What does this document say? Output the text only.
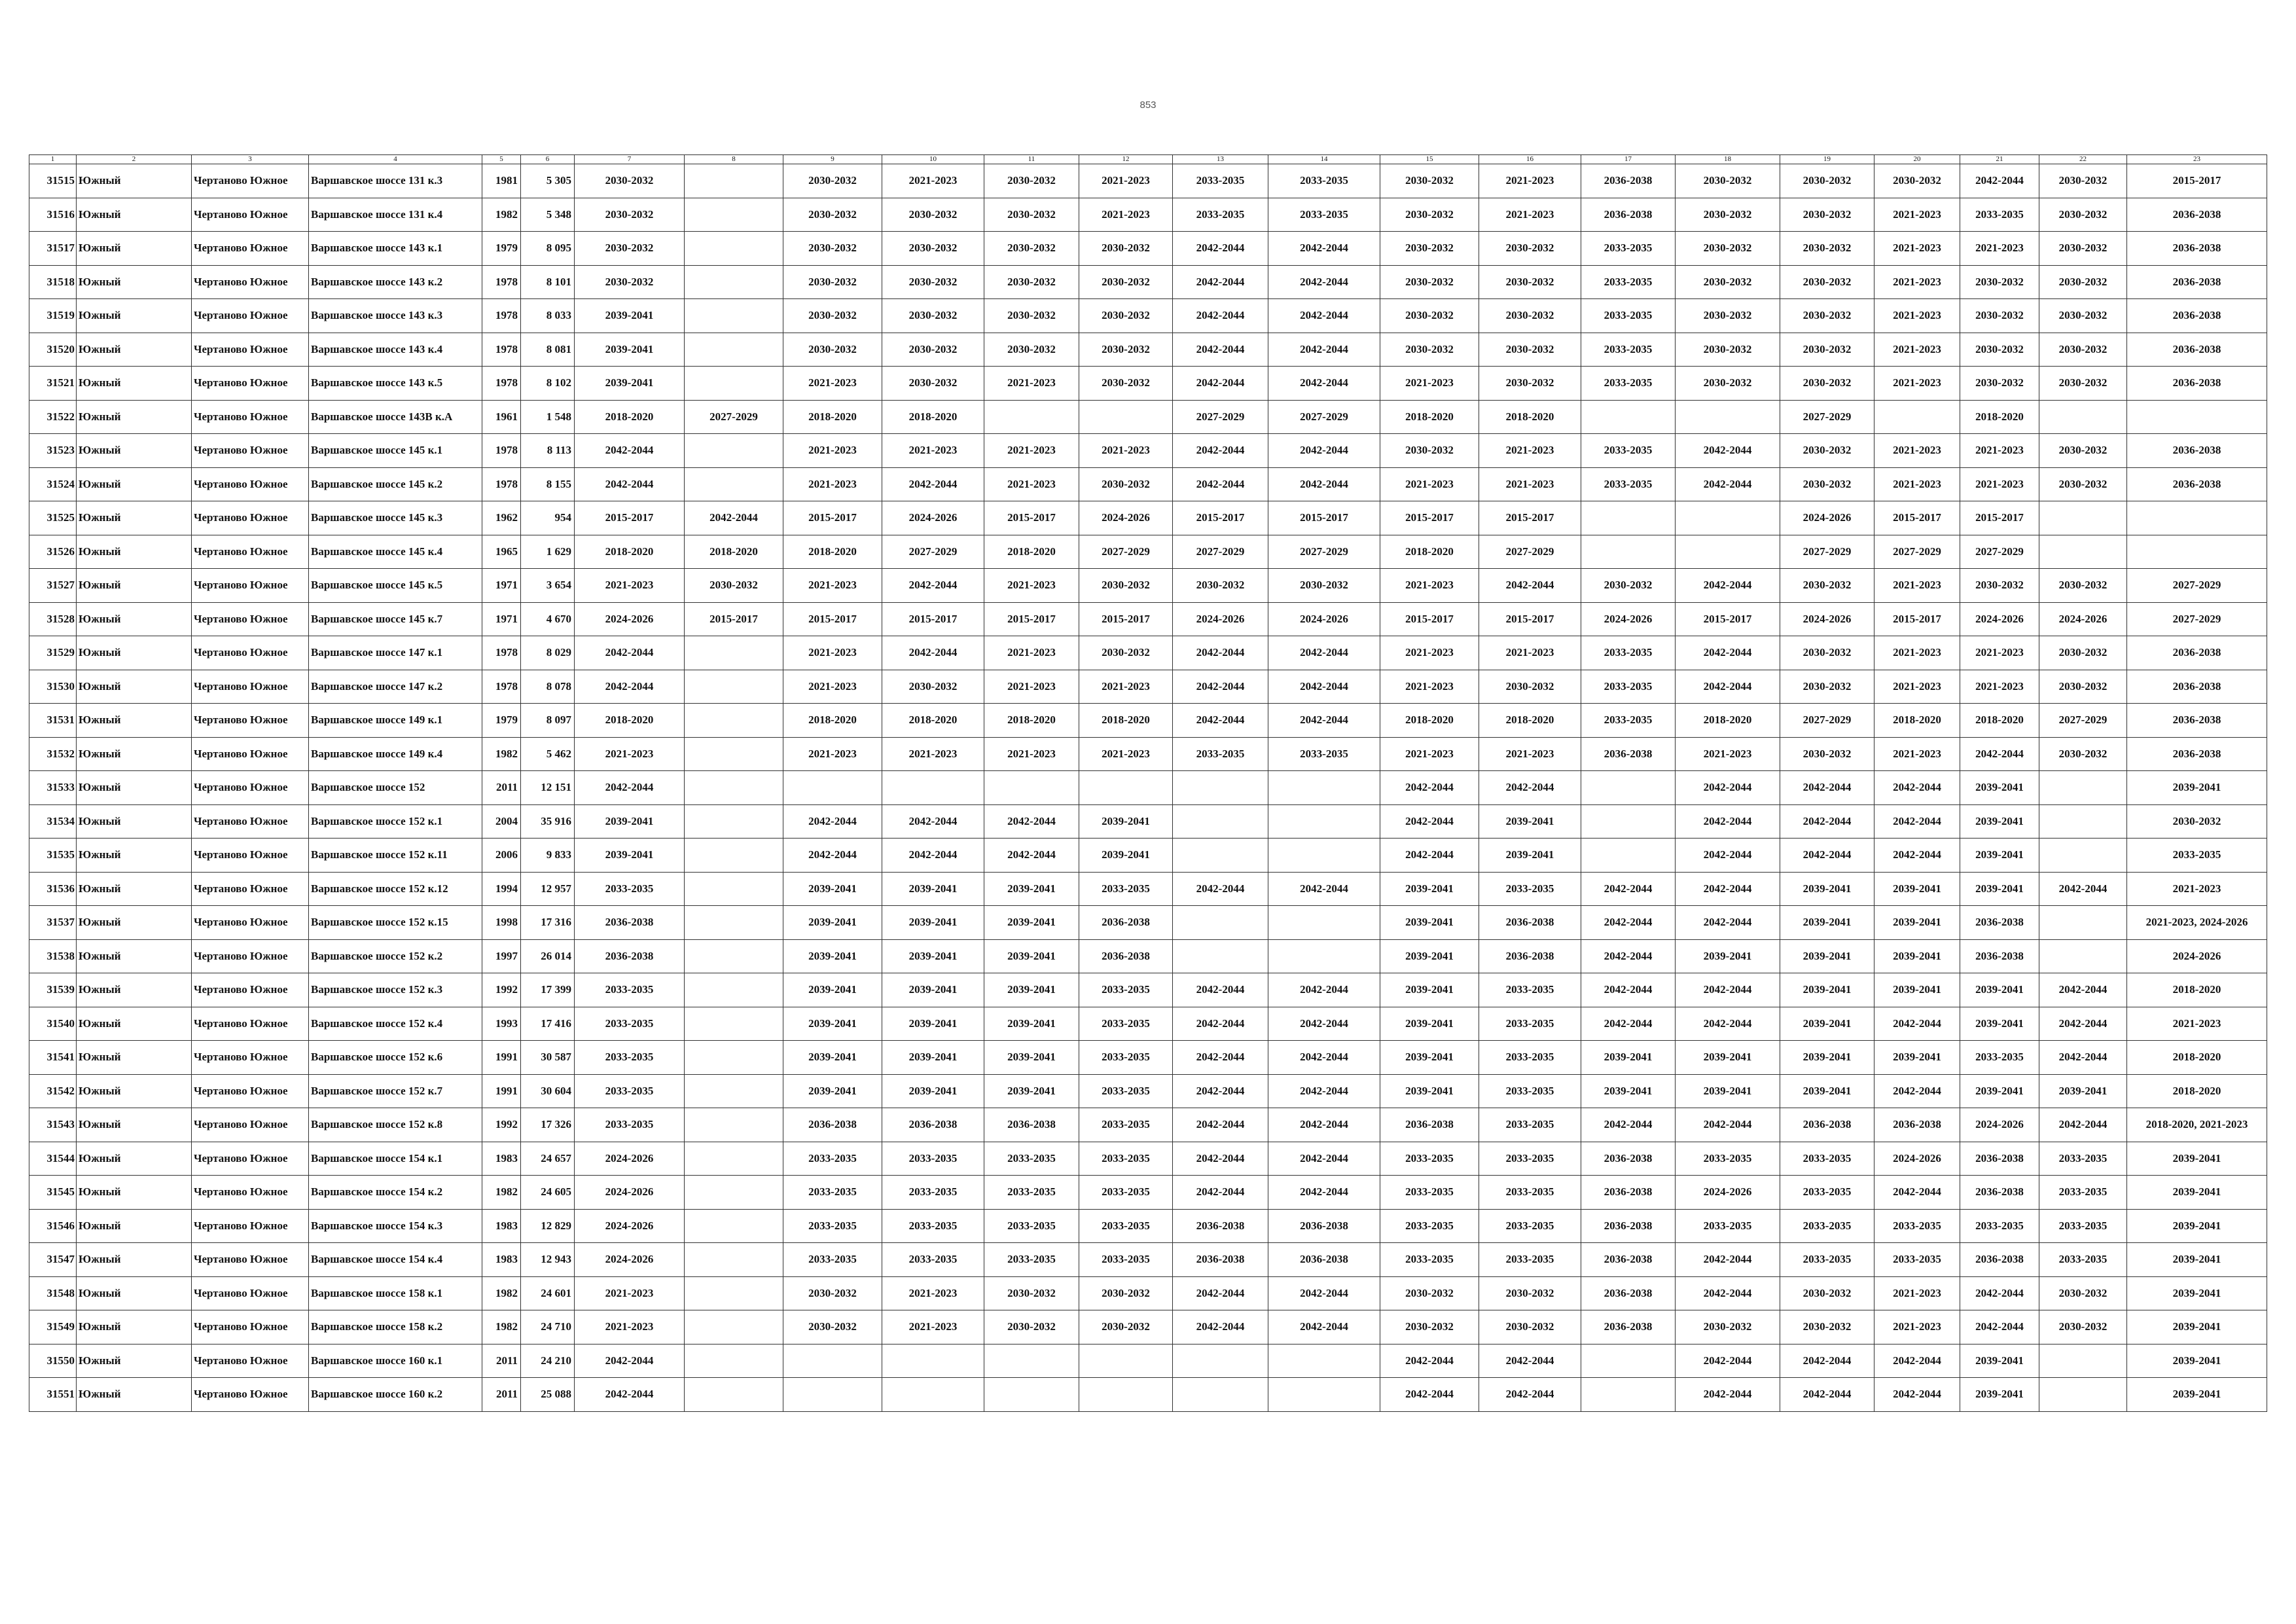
853
1	2	3	4	5	6	7	8	9	10	11	12	13	14	15	16	17	18	19	20	21	22	23
31515	Южный	Чертаново Южное	Варшавское шоссе 131 к.3	1981	5 305	2030-2032		2030-2032	2021-2023	2030-2032	2021-2023	2033-2035	2033-2035	2030-2032	2021-2023	2036-2038	2030-2032	2030-2032	2030-2032	2042-2044	2030-2032	2015-2017
31516	Южный	Чертаново Южное	Варшавское шоссе 131 к.4	1982	5 348	2030-2032		2030-2032	2030-2032	2030-2032	2021-2023	2033-2035	2033-2035	2030-2032	2021-2023	2036-2038	2030-2032	2030-2032	2021-2023	2033-2035	2030-2032	2036-2038
31517	Южный	Чертаново Южное	Варшавское шоссе 143 к.1	1979	8 095	2030-2032		2030-2032	2030-2032	2030-2032	2030-2032	2042-2044	2042-2044	2030-2032	2030-2032	2033-2035	2030-2032	2030-2032	2021-2023	2021-2023	2030-2032	2036-2038
31518	Южный	Чертаново Южное	Варшавское шоссе 143 к.2	1978	8 101	2030-2032		2030-2032	2030-2032	2030-2032	2030-2032	2042-2044	2042-2044	2030-2032	2030-2032	2033-2035	2030-2032	2030-2032	2021-2023	2030-2032	2030-2032	2036-2038
31519	Южный	Чертаново Южное	Варшавское шоссе 143 к.3	1978	8 033	2039-2041		2030-2032	2030-2032	2030-2032	2030-2032	2042-2044	2042-2044	2030-2032	2030-2032	2033-2035	2030-2032	2030-2032	2021-2023	2030-2032	2030-2032	2036-2038
31520	Южный	Чертаново Южное	Варшавское шоссе 143 к.4	1978	8 081	2039-2041		2030-2032	2030-2032	2030-2032	2030-2032	2042-2044	2042-2044	2030-2032	2030-2032	2033-2035	2030-2032	2030-2032	2021-2023	2030-2032	2030-2032	2036-2038
31521	Южный	Чертаново Южное	Варшавское шоссе 143 к.5	1978	8 102	2039-2041		2021-2023	2030-2032	2021-2023	2030-2032	2042-2044	2042-2044	2021-2023	2030-2032	2033-2035	2030-2032	2030-2032	2021-2023	2030-2032	2030-2032	2036-2038
31522	Южный	Чертаново Южное	Варшавское шоссе 143В к.А	1961	1 548	2018-2020	2027-2029	2018-2020	2018-2020			2027-2029	2027-2029	2018-2020	2018-2020			2027-2029		2018-2020		
31523	Южный	Чертаново Южное	Варшавское шоссе 145 к.1	1978	8 113	2042-2044		2021-2023	2021-2023	2021-2023	2021-2023	2042-2044	2042-2044	2030-2032	2021-2023	2033-2035	2042-2044	2030-2032	2021-2023	2021-2023	2030-2032	2036-2038
31524	Южный	Чертаново Южное	Варшавское шоссе 145 к.2	1978	8 155	2042-2044		2021-2023	2042-2044	2021-2023	2030-2032	2042-2044	2042-2044	2021-2023	2021-2023	2033-2035	2042-2044	2030-2032	2021-2023	2021-2023	2030-2032	2036-2038
31525	Южный	Чертаново Южное	Варшавское шоссе 145 к.3	1962	954	2015-2017	2042-2044	2015-2017	2024-2026	2015-2017	2024-2026	2015-2017	2015-2017	2015-2017	2015-2017			2024-2026	2015-2017	2015-2017		
31526	Южный	Чертаново Южное	Варшавское шоссе 145 к.4	1965	1 629	2018-2020	2018-2020	2018-2020	2027-2029	2018-2020	2027-2029	2027-2029	2027-2029	2018-2020	2027-2029			2027-2029	2027-2029	2027-2029		
31527	Южный	Чертаново Южное	Варшавское шоссе 145 к.5	1971	3 654	2021-2023	2030-2032	2021-2023	2042-2044	2021-2023	2030-2032	2030-2032	2030-2032	2021-2023	2042-2044	2030-2032	2042-2044	2030-2032	2021-2023	2030-2032	2030-2032	2027-2029
31528	Южный	Чертаново Южное	Варшавское шоссе 145 к.7	1971	4 670	2024-2026	2015-2017	2015-2017	2015-2017	2015-2017	2015-2017	2024-2026	2024-2026	2015-2017	2015-2017	2024-2026	2015-2017	2024-2026	2015-2017	2024-2026	2024-2026	2027-2029
31529	Южный	Чертаново Южное	Варшавское шоссе 147 к.1	1978	8 029	2042-2044		2021-2023	2042-2044	2021-2023	2030-2032	2042-2044	2042-2044	2021-2023	2021-2023	2033-2035	2042-2044	2030-2032	2021-2023	2021-2023	2030-2032	2036-2038
31530	Южный	Чертаново Южное	Варшавское шоссе 147 к.2	1978	8 078	2042-2044		2021-2023	2030-2032	2021-2023	2021-2023	2042-2044	2042-2044	2021-2023	2030-2032	2033-2035	2042-2044	2030-2032	2021-2023	2021-2023	2030-2032	2036-2038
31531	Южный	Чертаново Южное	Варшавское шоссе 149 к.1	1979	8 097	2018-2020		2018-2020	2018-2020	2018-2020	2018-2020	2042-2044	2042-2044	2018-2020	2018-2020	2033-2035	2018-2020	2027-2029	2018-2020	2018-2020	2027-2029	2036-2038
31532	Южный	Чертаново Южное	Варшавское шоссе 149 к.4	1982	5 462	2021-2023		2021-2023	2021-2023	2021-2023	2021-2023	2033-2035	2033-2035	2021-2023	2021-2023	2036-2038	2021-2023	2030-2032	2021-2023	2042-2044	2030-2032	2036-2038
31533	Южный	Чертаново Южное	Варшавское шоссе 152	2011	12 151	2042-2044								2042-2044	2042-2044		2042-2044	2042-2044	2042-2044	2039-2041		2039-2041
31534	Южный	Чертаново Южное	Варшавское шоссе 152 к.1	2004	35 916	2039-2041		2042-2044	2042-2044	2042-2044	2039-2041			2042-2044	2039-2041		2042-2044	2042-2044	2042-2044	2039-2041		2030-2032
31535	Южный	Чертаново Южное	Варшавское шоссе 152 к.11	2006	9 833	2039-2041		2042-2044	2042-2044	2042-2044	2039-2041			2042-2044	2039-2041		2042-2044	2042-2044	2042-2044	2039-2041		2033-2035
31536	Южный	Чертаново Южное	Варшавское шоссе 152 к.12	1994	12 957	2033-2035		2039-2041	2039-2041	2039-2041	2033-2035	2042-2044	2042-2044	2039-2041	2033-2035	2042-2044	2042-2044	2039-2041	2039-2041	2039-2041	2042-2044	2021-2023
31537	Южный	Чертаново Южное	Варшавское шоссе 152 к.15	1998	17 316	2036-2038		2039-2041	2039-2041	2039-2041	2036-2038			2039-2041	2036-2038	2042-2044	2042-2044	2039-2041	2039-2041	2036-2038		2021-2023, 2024-2026
31538	Южный	Чертаново Южное	Варшавское шоссе 152 к.2	1997	26 014	2036-2038		2039-2041	2039-2041	2039-2041	2036-2038			2039-2041	2036-2038	2042-2044	2039-2041	2039-2041	2039-2041	2036-2038		2024-2026
31539	Южный	Чертаново Южное	Варшавское шоссе 152 к.3	1992	17 399	2033-2035		2039-2041	2039-2041	2039-2041	2033-2035	2042-2044	2042-2044	2039-2041	2033-2035	2042-2044	2042-2044	2039-2041	2039-2041	2039-2041	2042-2044	2018-2020
31540	Южный	Чертаново Южное	Варшавское шоссе 152 к.4	1993	17 416	2033-2035		2039-2041	2039-2041	2039-2041	2033-2035	2042-2044	2042-2044	2039-2041	2033-2035	2042-2044	2042-2044	2039-2041	2042-2044	2039-2041	2042-2044	2021-2023
31541	Южный	Чертаново Южное	Варшавское шоссе 152 к.6	1991	30 587	2033-2035		2039-2041	2039-2041	2039-2041	2033-2035	2042-2044	2042-2044	2039-2041	2033-2035	2039-2041	2039-2041	2039-2041	2039-2041	2033-2035	2042-2044	2018-2020
31542	Южный	Чертаново Южное	Варшавское шоссе 152 к.7	1991	30 604	2033-2035		2039-2041	2039-2041	2039-2041	2033-2035	2042-2044	2042-2044	2039-2041	2033-2035	2039-2041	2039-2041	2039-2041	2042-2044	2039-2041	2039-2041	2018-2020
31543	Южный	Чертаново Южное	Варшавское шоссе 152 к.8	1992	17 326	2033-2035		2036-2038	2036-2038	2036-2038	2033-2035	2042-2044	2042-2044	2036-2038	2033-2035	2042-2044	2042-2044	2036-2038	2036-2038	2024-2026	2042-2044	2018-2020, 2021-2023
31544	Южный	Чертаново Южное	Варшавское шоссе 154 к.1	1983	24 657	2024-2026		2033-2035	2033-2035	2033-2035	2033-2035	2042-2044	2042-2044	2033-2035	2033-2035	2036-2038	2033-2035	2033-2035	2024-2026	2036-2038	2033-2035	2039-2041
31545	Южный	Чертаново Южное	Варшавское шоссе 154 к.2	1982	24 605	2024-2026		2033-2035	2033-2035	2033-2035	2033-2035	2042-2044	2042-2044	2033-2035	2033-2035	2036-2038	2024-2026	2033-2035	2042-2044	2036-2038	2033-2035	2039-2041
31546	Южный	Чертаново Южное	Варшавское шоссе 154 к.3	1983	12 829	2024-2026		2033-2035	2033-2035	2033-2035	2033-2035	2036-2038	2036-2038	2033-2035	2033-2035	2036-2038	2033-2035	2033-2035	2033-2035	2033-2035	2033-2035	2039-2041
31547	Южный	Чертаново Южное	Варшавское шоссе 154 к.4	1983	12 943	2024-2026		2033-2035	2033-2035	2033-2035	2033-2035	2036-2038	2036-2038	2033-2035	2033-2035	2036-2038	2042-2044	2033-2035	2033-2035	2036-2038	2033-2035	2039-2041
31548	Южный	Чертаново Южное	Варшавское шоссе 158 к.1	1982	24 601	2021-2023		2030-2032	2021-2023	2030-2032	2030-2032	2042-2044	2042-2044	2030-2032	2030-2032	2036-2038	2042-2044	2030-2032	2021-2023	2042-2044	2030-2032	2039-2041
31549	Южный	Чертаново Южное	Варшавское шоссе 158 к.2	1982	24 710	2021-2023		2030-2032	2021-2023	2030-2032	2030-2032	2042-2044	2042-2044	2030-2032	2030-2032	2036-2038	2030-2032	2030-2032	2021-2023	2042-2044	2030-2032	2039-2041
31550	Южный	Чертаново Южное	Варшавское шоссе 160 к.1	2011	24 210	2042-2044								2042-2044	2042-2044		2042-2044	2042-2044	2042-2044	2039-2041		2039-2041
31551	Южный	Чертаново Южное	Варшавское шоссе 160 к.2	2011	25 088	2042-2044								2042-2044	2042-2044		2042-2044	2042-2044	2042-2044	2039-2041		2039-2041
